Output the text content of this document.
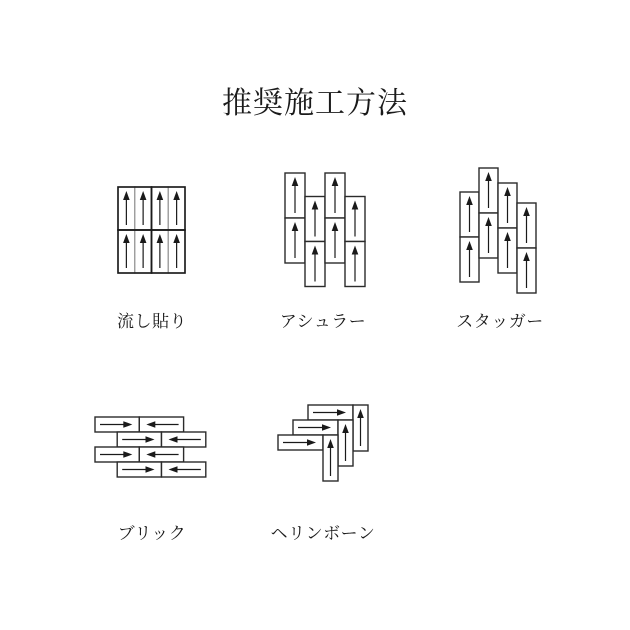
推奨施工方法
流し貼り	アシュラー	スタッガー
ブリック	ヘリンボーン
